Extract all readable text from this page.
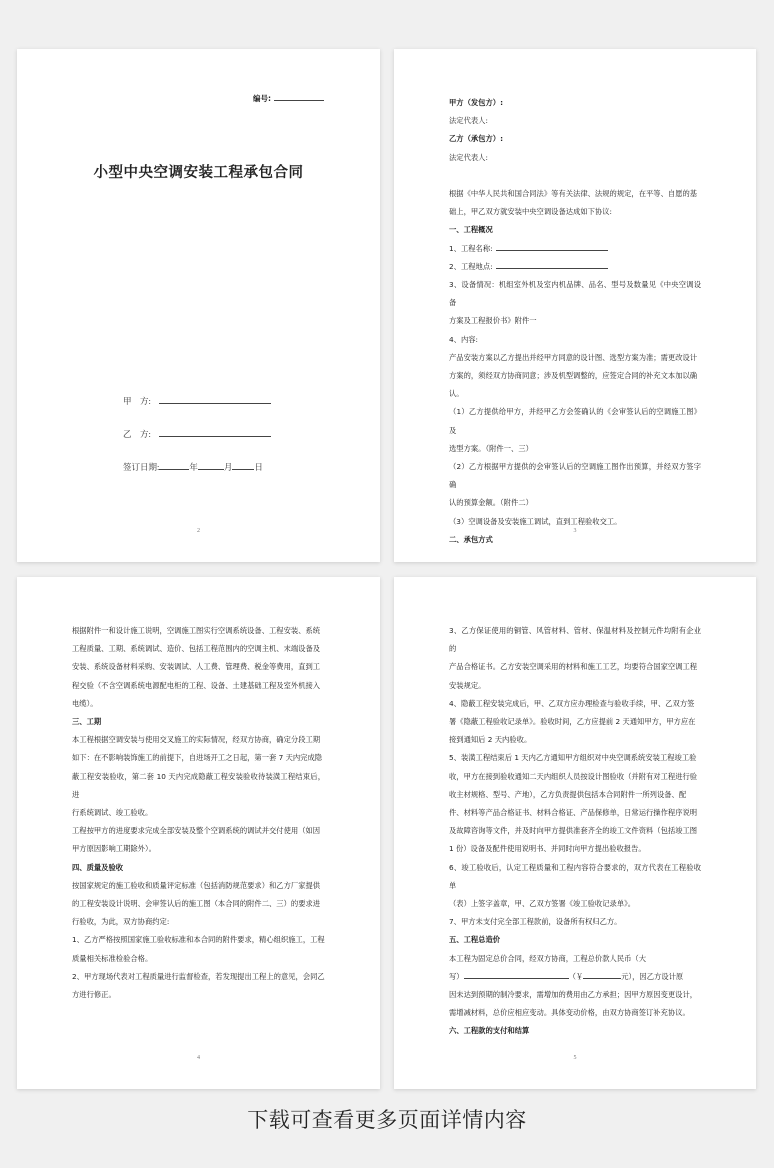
编号:
小型中央空调安装工程承包合同
甲　方:
乙　方:
签订日期:	年	月	日
2

甲方（发包方）:

法定代表人:

乙方（承包方）:

法定代表人:

根据《中华人民共和国合同法》等有关法律、法规的规定，在平等、自愿的基

础上，甲乙双方就安装中央空调设备达成如下协议:

一、工程概况

1、工程名称:

2、工程地点:

3、设备情况：机组室外机及室内机品牌、品名、型号及数量见《中央空调设备

方案及工程报价书》附件一

4、内容:

产品安装方案以乙方提出并经甲方同意的设计图、选型方案为准；需更改设计

方案的，须经双方协商同意；涉及机型调整的，应签定合同的补充文本加以确

认。

（1）乙方提供给甲方，并经甲乙方会签确认的《会审签认后的空调施工图》及

选型方案。（附件一、三）

（2）乙方根据甲方提供的会审签认后的空调施工图作出预算，并经双方签字确

认的预算金额。（附件二）

（3）空调设备及安装施工调试，直到工程验收交工。

二、承包方式

3

根据附件一和设计施工说明，空调施工图实行空调系统设备、工程安装、系统

工程质量、工期、系统调试、造价、包括工程范围内的空调主机、末端设备及

安装、系统设备材料采购、安装调试、人工费、管理费、税金等费用，直到工

程交验（不含空调系统电源配电柜的工程、设备、土建基础工程及室外机接入

电缆）。

三、工期

本工程根据空调安装与使用交叉施工的实际情况，经双方协商，确定分段工期

如下：在不影响装饰施工的前提下，自进场开工之日起，第一套 7 天内完成隐

蔽工程安装验收，第二套 10 天内完成隐蔽工程安装验收待装潢工程结束后，进

行系统调试、竣工验收。

工程按甲方的进度要求完成全部安装及整个空调系统的调试并交付使用（如因

甲方原因影响工期除外）。

四、质量及验收

按国家规定的施工验收和质量评定标准（包括消防规范要求）和乙方厂家提供

的工程安装设计说明、会审签认后的施工图（本合同的附件二、三）的要求进

行验收，为此，双方协商约定:

1、乙方严格按照国家施工验收标准和本合同的附件要求，精心组织施工，工程

质量相关标准检验合格。

2、甲方现场代表对工程质量进行监督检查，若发现提出工程上的意见，会同乙

方进行修正。

4

3、乙方保证使用的铜管、风管材料、管材、保温材料及控制元件均附有企业的

产品合格证书。乙方安装空调采用的材料和施工工艺，均要符合国家空调工程

安装规定。

4、隐蔽工程安装完成后，甲、乙双方应办理检查与验收手续，甲、乙双方签

署《隐蔽工程验收记录单》。验收时间，乙方应提前 2 天通知甲方，甲方应在

接到通知后 2 天内验收。

5、装潢工程结束后 1 天内乙方通知甲方组织对中央空调系统安装工程竣工验

收，甲方在接到验收通知二天内组织人员按设计图验收（并附有对工程进行验

收主材规格、型号、产地），乙方负责提供包括本合同附件一所列设备、配

件、材料等产品合格证书、材料合格证、产品保修单，日常运行操作程序说明

及故障咨询等文件，并及时向甲方提供准套齐全的竣工文件资料（包括竣工图

1 份）设备及配件使用说明书、并同时向甲方提出验收报告。

6、竣工验收后，认定工程质量和工程内容符合要求的，双方代表在工程验收单

（表）上签字盖章，甲、乙双方签署《竣工验收记录单》。

7、甲方未支付完全部工程款前，设备所有权归乙方。

五、工程总造价

本工程为固定总价合同，经双方协商，工程总价款人民币（大

写）	（￥	元），因乙方设计原

因未达到预期的制冷要求，需增加的费用由乙方承担；因甲方原因变更设计，

需增减材料，总价应相应变动。具体变动价格，由双方协商签订补充协议。

六、工程款的支付和结算

5
下载可查看更多页面详情内容
